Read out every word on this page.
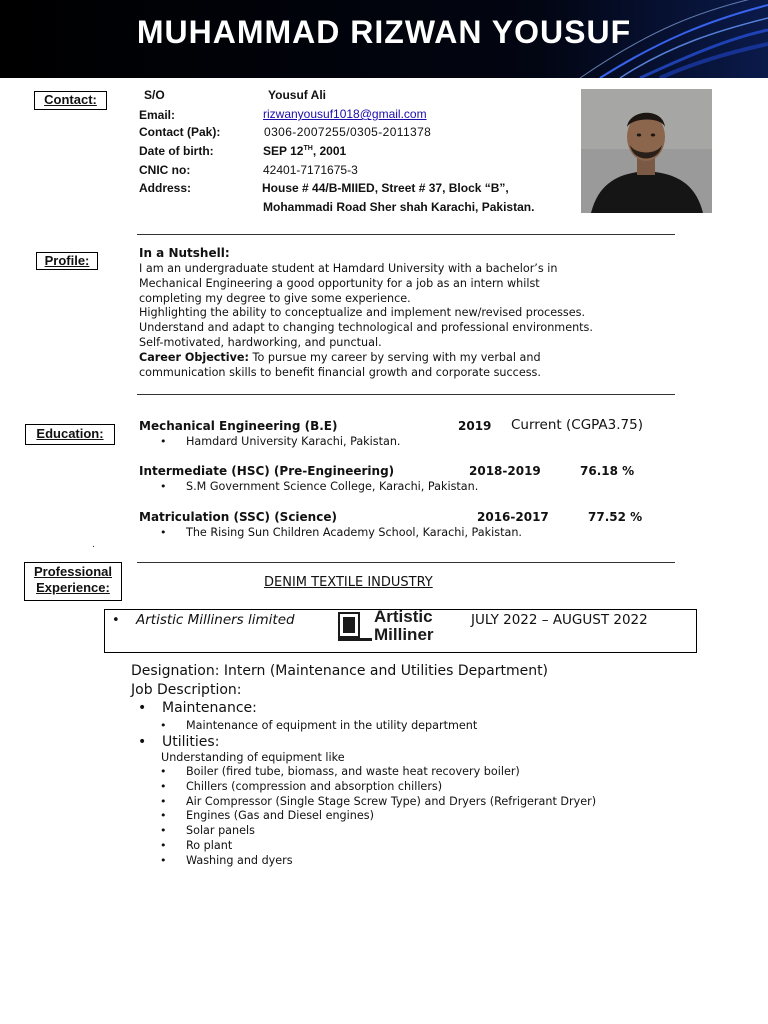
MUHAMMAD RIZWAN YOUSUF
Contact:	S/O	Yousuf Ali
Email:	rizwanyousuf1018@gmail.com
Contact (Pak):	0306-2007255/0305-2011378
Date of birth:	SEP 12TH, 2001
CNIC no:	42401-7171675-3
Address:	House # 44/B-MIIED, Street # 37, Block “B”,
Mohammadi Road Sher shah Karachi, Pakistan.
Profile:	In a Nutshell:
I am an undergraduate student at Hamdard University with a bachelor’s in
Mechanical Engineering a good opportunity for a job as an intern whilst
completing my degree to give some experience.
Highlighting the ability to conceptualize and implement new/revised processes.
Understand and adapt to changing technological and professional environments.
Self-motivated, hardworking, and punctual.
Career Objective: To pursue my career by serving with my verbal and
communication skills to benefit financial growth and corporate success.
Education:	Mechanical Engineering (B.E)	2019 Current (CGPA3.75)
• Hamdard University Karachi, Pakistan.
Intermediate (HSC) (Pre-Engineering)	2018-2019	76.18 %
• S.M Government Science College, Karachi, Pakistan.
Matriculation (SSC) (Science)	2016-2017	77.52 %
• The Rising Sun Children Academy School, Karachi, Pakistan.
.
Professional
Experience:	DENIM TEXTILE INDUSTRY
• Artistic Milliners limited	Artistic
Milliner
JULY 2022 – AUGUST 2022
Designation: Intern (Maintenance and Utilities Department)
Job Description:
• Maintenance:
• Maintenance of equipment in the utility department
• Utilities:
Understanding of equipment like
• Boiler (fired tube, biomass, and waste heat recovery boiler)
• Chillers (compression and absorption chillers)
• Air Compressor (Single Stage Screw Type) and Dryers (Refrigerant Dryer)
• Engines (Gas and Diesel engines)
• Solar panels
• Ro plant
• Washing and dyers
